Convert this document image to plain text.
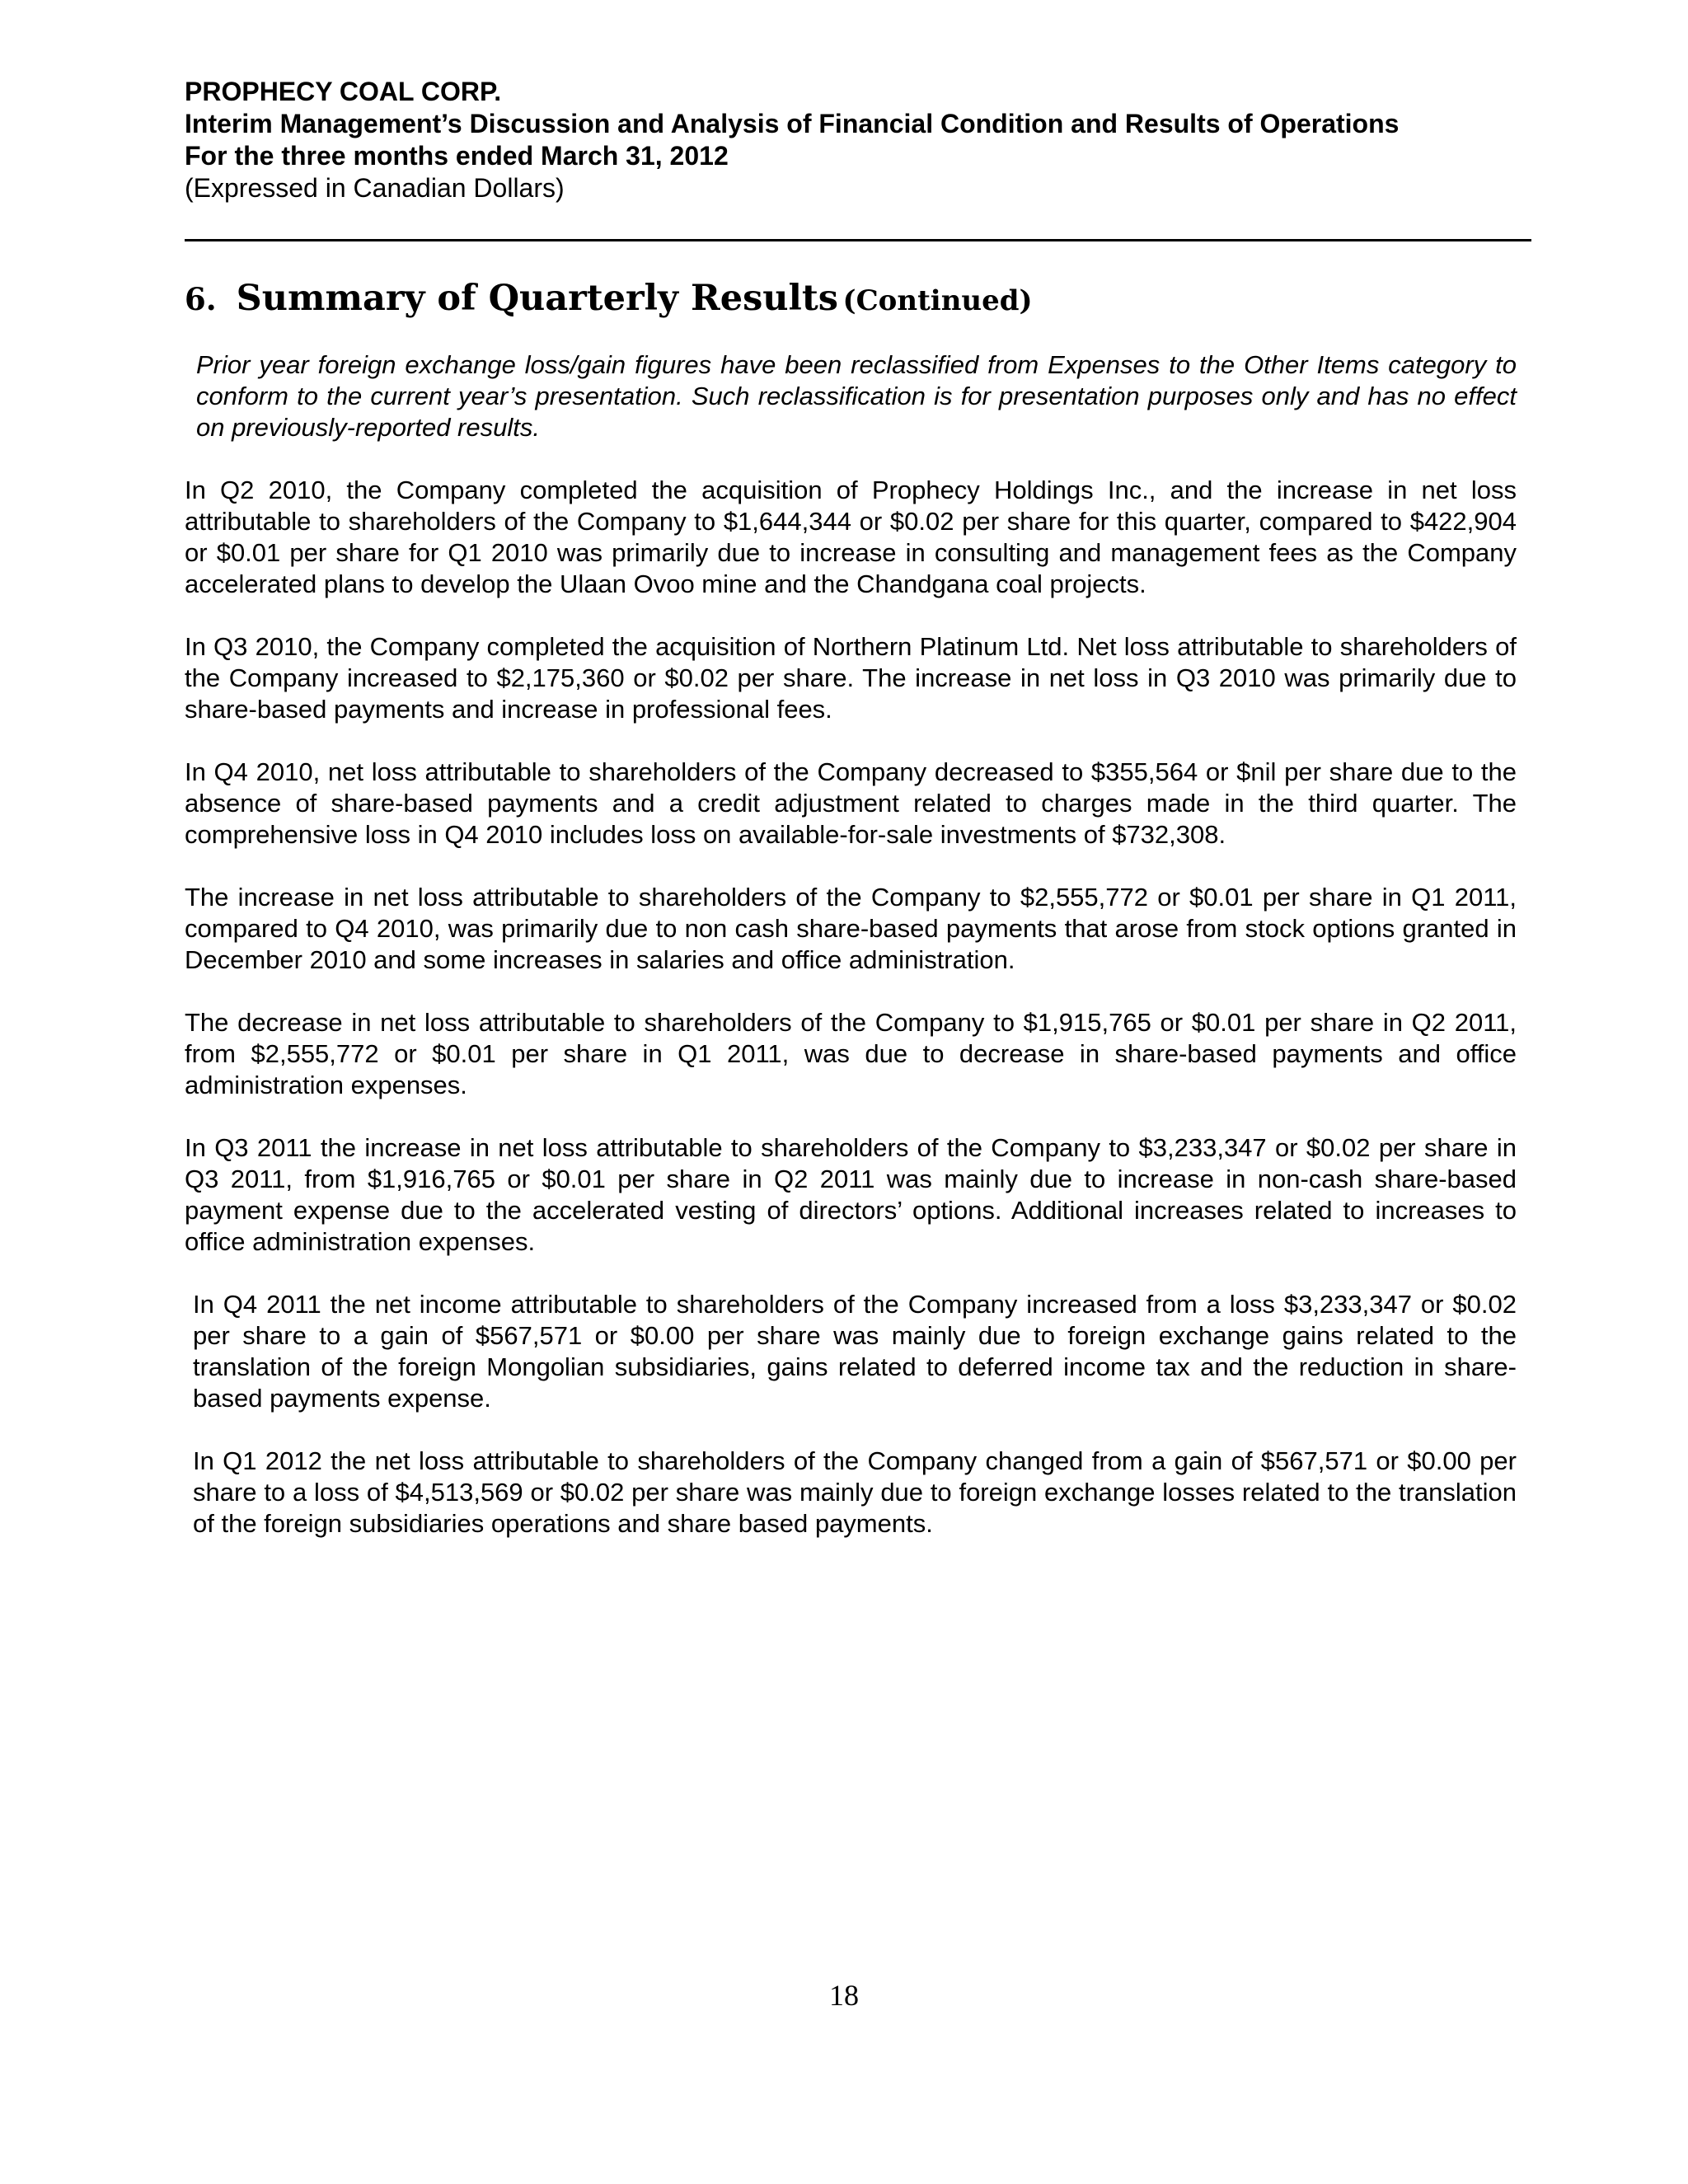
PROPHECY COAL CORP.
Interim Management’s Discussion and Analysis of Financial Condition and Results of Operations
For the three months ended March 31, 2012
(Expressed in Canadian Dollars)
6. Summary of Quarterly Results (Continued)

Prior year foreign exchange loss/gain figures have been reclassified from Expenses to the Other Items category to conform to the current year’s presentation. Such reclassification is for presentation purposes only and has no effect on previously-reported results.

In Q2 2010, the Company completed the acquisition of Prophecy Holdings Inc., and the increase in net loss attributable to shareholders of the Company to $1,644,344 or $0.02 per share for this quarter, compared to $422,904 or $0.01 per share for Q1 2010 was primarily due to increase in consulting and management fees as the Company accelerated plans to develop the Ulaan Ovoo mine and the Chandgana coal projects.

In Q3 2010, the Company completed the acquisition of Northern Platinum Ltd. Net loss attributable to shareholders of the Company increased to $2,175,360 or $0.02 per share. The increase in net loss in Q3 2010 was primarily due to share-based payments and increase in professional fees.

In Q4 2010, net loss attributable to shareholders of the Company decreased to $355,564 or $nil per share due to the absence of share-based payments and a credit adjustment related to charges made in the third quarter. The comprehensive loss in Q4 2010 includes loss on available-for-sale investments of $732,308.

The increase in net loss attributable to shareholders of the Company to $2,555,772 or $0.01 per share in Q1 2011, compared to Q4 2010, was primarily due to non cash share-based payments that arose from stock options granted in December 2010 and some increases in salaries and office administration.

The decrease in net loss attributable to shareholders of the Company to $1,915,765 or $0.01 per share in Q2 2011, from $2,555,772 or $0.01 per share in Q1 2011, was due to decrease in share-based payments and office administration expenses.

In Q3 2011 the increase in net loss attributable to shareholders of the Company to $3,233,347 or $0.02 per share in Q3 2011, from $1,916,765 or $0.01 per share in Q2 2011 was mainly due to increase in non-cash share-based payment expense due to the accelerated vesting of directors’ options. Additional increases related to increases to office administration expenses.

In Q4 2011 the net income attributable to shareholders of the Company increased from a loss $3,233,347 or $0.02 per share to a gain of $567,571 or $0.00 per share was mainly due to foreign exchange gains related to the translation of the foreign Mongolian subsidiaries, gains related to deferred income tax and the reduction in share-based payments expense.

In Q1 2012 the net loss attributable to shareholders of the Company changed from a gain of $567,571 or $0.00 per share to a loss of $4,513,569 or $0.02 per share was mainly due to foreign exchange losses related to the translation of the foreign subsidiaries operations and share based payments.

18
